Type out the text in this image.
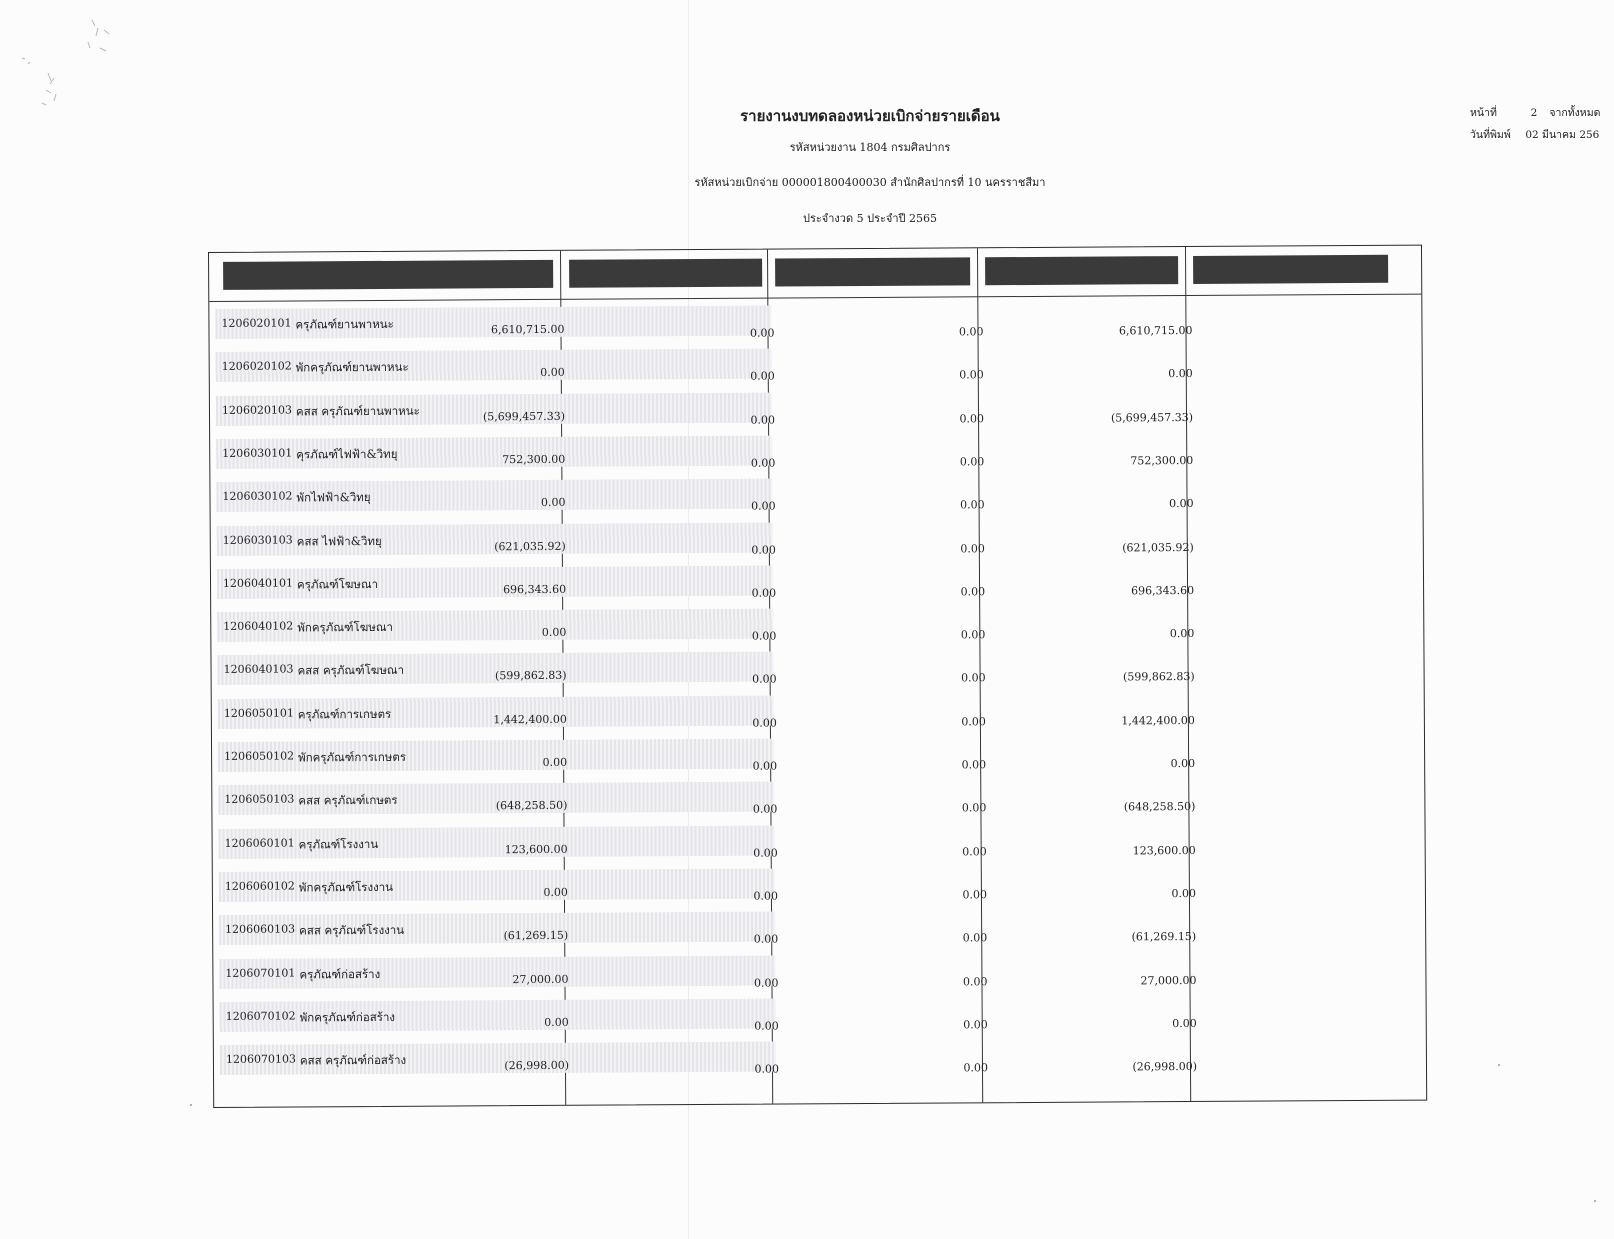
รายงานงบทดลองหน่วยเบิกจ่ายรายเดือน
รหัสหน่วยงาน 1804 กรมศิลปากร
รหัสหน่วยเบิกจ่าย 000001800400030 สำนักศิลปากรที่ 10 นครราชสีมา
ประจำงวด 5 ประจำปี 2565
หน้าที่	2 จากทั้งหมด
วันที่พิมพ์ 02 มีนาคม 256
1206020101 ครุภัณฑ์ยานพาหนะ	6,610,715.00	0.00	0.00	6,610,715.00
1206020102 พักครุภัณฑ์ยานพาหนะ	0.00	0.00	0.00	0.00
1206020103 คสส ครุภัณฑ์ยานพาหนะ	(5,699,457.33)	0.00	0.00	(5,699,457.33)
1206030101 คุรภัณฑ์ไฟฟ้า&วิทยุ	752,300.00	0.00	0.00	752,300.00
1206030102 พักไฟฟ้า&วิทยุ	0.00	0.00	0.00	0.00
1206030103 คสส ไฟฟ้า&วิทยุ	(621,035.92)	0.00	0.00	(621,035.92)
1206040101 ครุภัณฑ์โฆษณา	696,343.60	0.00	0.00	696,343.60
1206040102 พักครุภัณฑ์โฆษณา	0.00	0.00	0.00	0.00
1206040103 คสส ครุภัณฑ์โฆษณา	(599,862.83)	0.00	0.00	(599,862.83)
1206050101 ครุภัณฑ์การเกษตร	1,442,400.00	0.00	0.00	1,442,400.00
1206050102 พักครุภัณฑ์การเกษตร	0.00	0.00	0.00	0.00
1206050103 คสส ครุภัณฑ์เกษตร	(648,258.50)	0.00	0.00	(648,258.50)
1206060101 ครุภัณฑ์โรงงาน	123,600.00	0.00	0.00	123,600.00
1206060102 พักครุภัณฑ์โรงงาน	0.00	0.00	0.00	0.00
1206060103 คสส ครุภัณฑ์โรงงาน	(61,269.15)	0.00	0.00	(61,269.15)
1206070101 ครุภัณฑ์ก่อสร้าง	27,000.00	0.00	0.00	27,000.00
1206070102 พักครุภัณฑ์ก่อสร้าง	0.00	0.00	0.00	0.00
1206070103 คสส ครุภัณฑ์ก่อสร้าง	(26,998.00)	0.00	0.00	(26,998.00)
